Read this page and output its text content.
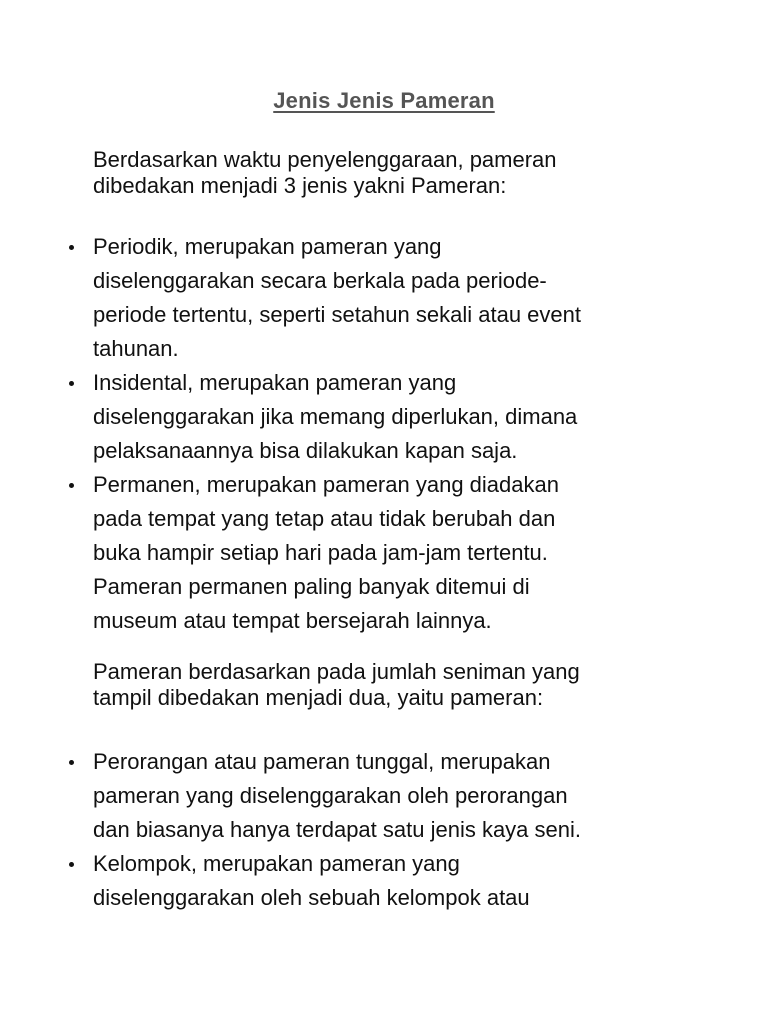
Jenis Jenis Pameran
Berdasarkan waktu penyelenggaraan, pameran
dibedakan menjadi 3 jenis yakni Pameran:
Periodik, merupakan pameran yang
diselenggarakan secara berkala pada periode-
periode tertentu, seperti setahun sekali atau event
tahunan.
Insidental, merupakan pameran yang
diselenggarakan jika memang diperlukan, dimana
pelaksanaannya bisa dilakukan kapan saja.
Permanen, merupakan pameran yang diadakan
pada tempat yang tetap atau tidak berubah dan
buka hampir setiap hari pada jam-jam tertentu.
Pameran permanen paling banyak ditemui di
museum atau tempat bersejarah lainnya.
Pameran berdasarkan pada jumlah seniman yang
tampil dibedakan menjadi dua, yaitu pameran:
Perorangan atau pameran tunggal, merupakan
pameran yang diselenggarakan oleh perorangan
dan biasanya hanya terdapat satu jenis kaya seni.
Kelompok, merupakan pameran yang
diselenggarakan oleh sebuah kelompok atau
